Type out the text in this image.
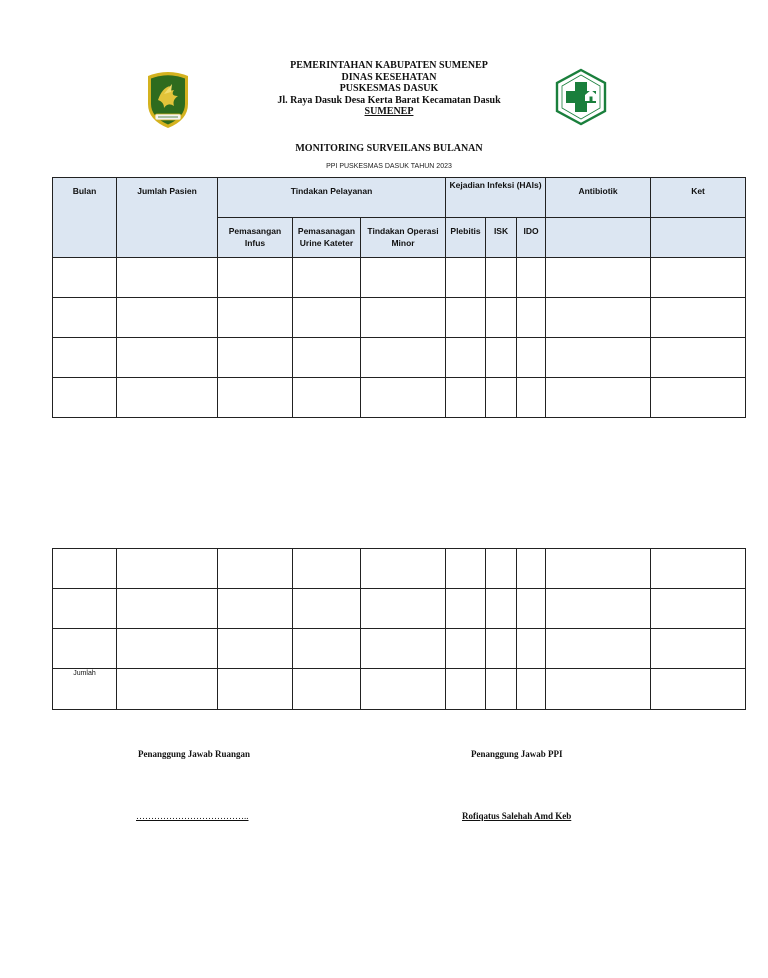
PEMERINTAHAN KABUPATEN SUMENEP
DINAS KESEHATAN
PUSKESMAS DASUK
Jl. Raya Dasuk Desa Kerta Barat Kecamatan Dasuk
SUMENEP
MONITORING SURVEILANS BULANAN
PPI PUSKESMAS DASUK TAHUN 2023
Bulan	Jumlah Pasien	Tindakan Pelayanan			Kejadian Infeksi (HAIs)			Antibiotik	Ket
		Pemasangan Infus	Pemasanagan Urine Kateter	Tindakan Operasi Minor	Plebitis	ISK	IDO		

Jumlah									
Penanggung Jawab Ruangan	Penanggung Jawab PPI
………………………………..	Rofiqatus Salehah Amd Keb
